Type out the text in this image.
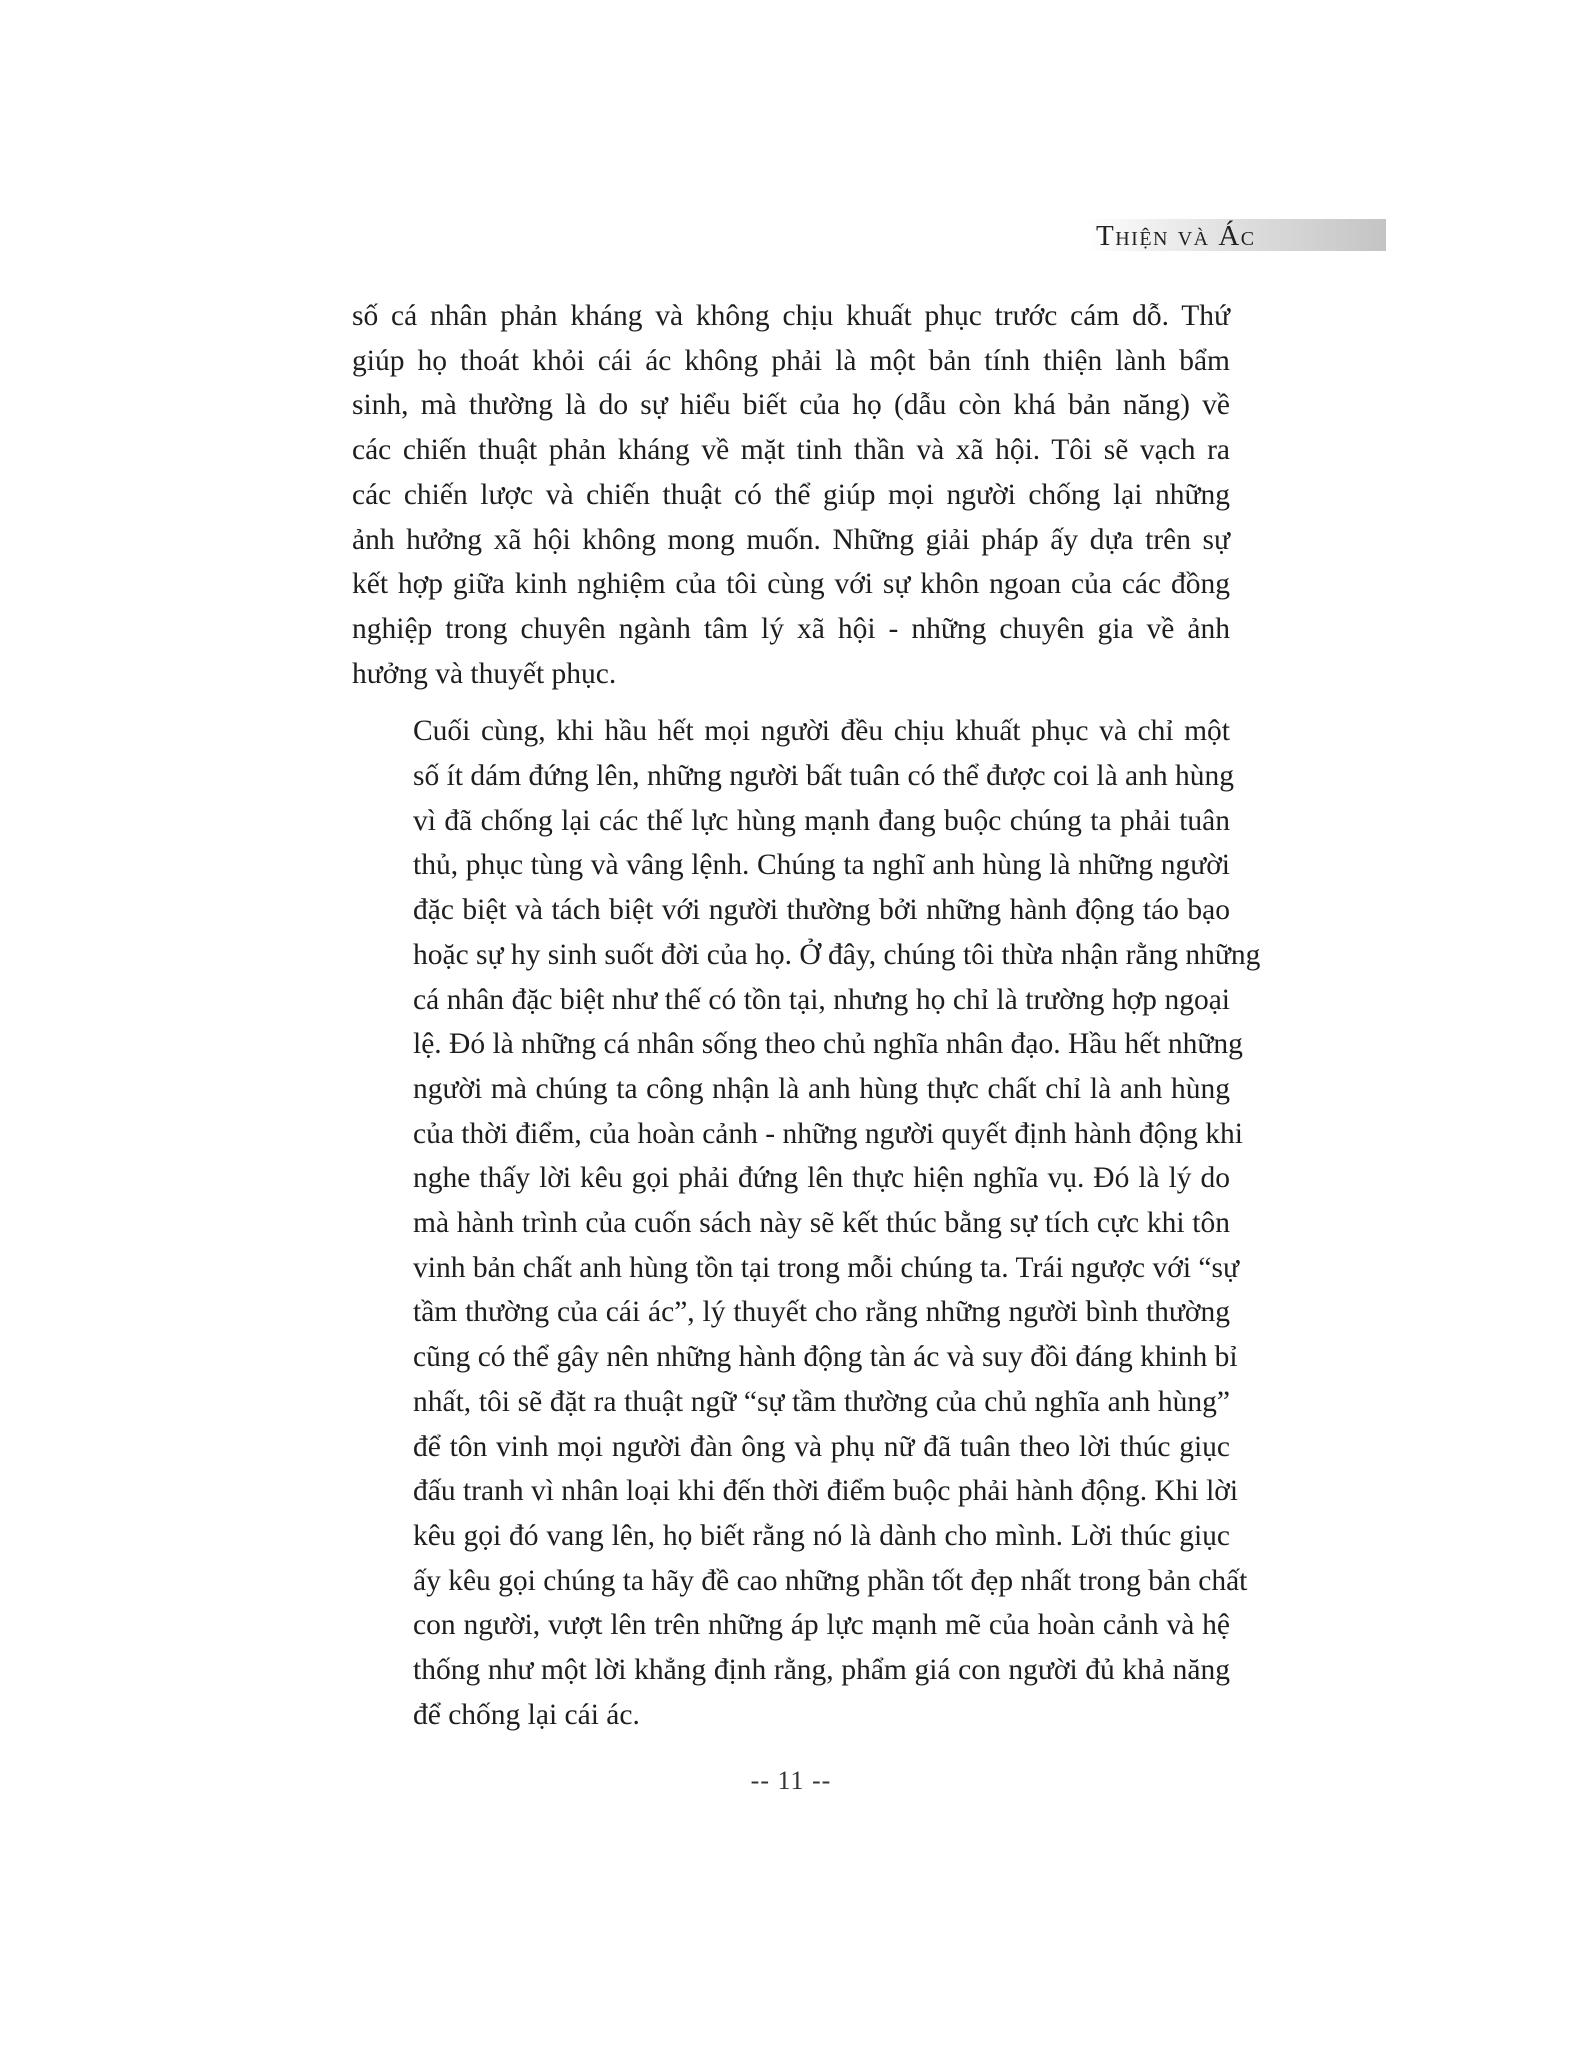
Thiện và Ác

số cá nhân phản kháng và không chịu khuất phục trước cám dỗ. Thứ
giúp họ thoát khỏi cái ác không phải là một bản tính thiện lành bẩm
sinh, mà thường là do sự hiểu biết của họ (dẫu còn khá bản năng) về
các chiến thuật phản kháng về mặt tinh thần và xã hội. Tôi sẽ vạch ra
các chiến lược và chiến thuật có thể giúp mọi người chống lại những
ảnh hưởng xã hội không mong muốn. Những giải pháp ấy dựa trên sự
kết hợp giữa kinh nghiệm của tôi cùng với sự khôn ngoan của các đồng
nghiệp trong chuyên ngành tâm lý xã hội - những chuyên gia về ảnh
hưởng và thuyết phục.

Cuối cùng, khi hầu hết mọi người đều chịu khuất phục và chỉ một
số ít dám đứng lên, những người bất tuân có thể được coi là anh hùng
vì đã chống lại các thế lực hùng mạnh đang buộc chúng ta phải tuân
thủ, phục tùng và vâng lệnh. Chúng ta nghĩ anh hùng là những người
đặc biệt và tách biệt với người thường bởi những hành động táo bạo
hoặc sự hy sinh suốt đời của họ. Ở đây, chúng tôi thừa nhận rằng những
cá nhân đặc biệt như thế có tồn tại, nhưng họ chỉ là trường hợp ngoại
lệ. Đó là những cá nhân sống theo chủ nghĩa nhân đạo. Hầu hết những
người mà chúng ta công nhận là anh hùng thực chất chỉ là anh hùng
của thời điểm, của hoàn cảnh - những người quyết định hành động khi
nghe thấy lời kêu gọi phải đứng lên thực hiện nghĩa vụ. Đó là lý do
mà hành trình của cuốn sách này sẽ kết thúc bằng sự tích cực khi tôn
vinh bản chất anh hùng tồn tại trong mỗi chúng ta. Trái ngược với “sự
tầm thường của cái ác”, lý thuyết cho rằng những người bình thường
cũng có thể gây nên những hành động tàn ác và suy đồi đáng khinh bỉ
nhất, tôi sẽ đặt ra thuật ngữ “sự tầm thường của chủ nghĩa anh hùng”
để tôn vinh mọi người đàn ông và phụ nữ đã tuân theo lời thúc giục
đấu tranh vì nhân loại khi đến thời điểm buộc phải hành động. Khi lời
kêu gọi đó vang lên, họ biết rằng nó là dành cho mình. Lời thúc giục
ấy kêu gọi chúng ta hãy đề cao những phần tốt đẹp nhất trong bản chất
con người, vượt lên trên những áp lực mạnh mẽ của hoàn cảnh và hệ
thống như một lời khẳng định rằng, phẩm giá con người đủ khả năng
để chống lại cái ác.

-- 11 --
